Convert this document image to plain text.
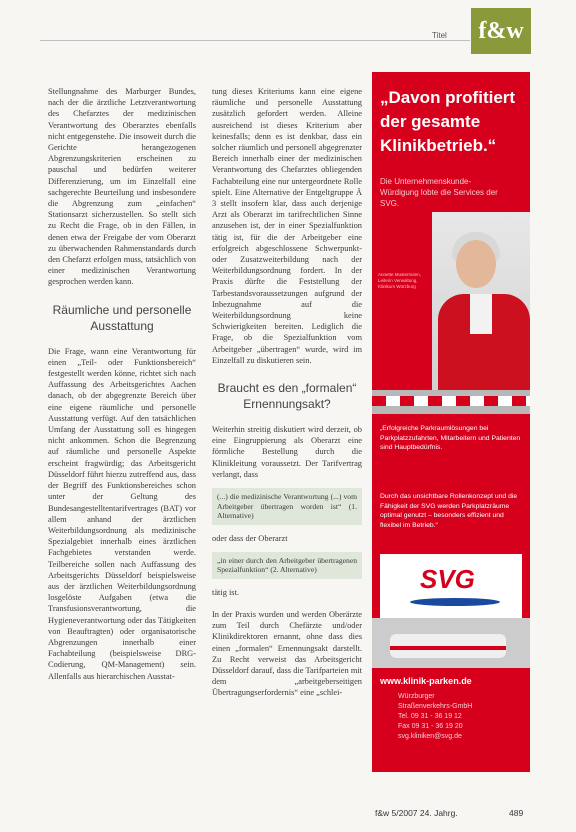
Titel	f&w

Stellungnahme des Marburger Bundes, nach der die ärztliche Letztverantwortung des Chefarztes der medizinischen Verantwortung des Oberarztes ebenfalls nicht entgegenstehe. Die insoweit durch die Gerichte herangezogenen Abgrenzungskriterien erscheinen zu pauschal und bedürfen weiterer Differenzierung, um im Einzelfall eine sachgerechte Beurteilung und insbesondere die Abgrenzung zum „einfachen“ Stationsarzt sicherzustellen. So stellt sich zu Recht die Frage, ob in den Fällen, in denen etwa der Freigabe der vom Oberarzt zu überwachenden Rahmenstandards durch den Chefarzt erfolgen muss, tatsächlich von einer medizinischen Verantwortung gesprochen werden kann.

Räumliche und personelle Ausstattung

Die Frage, wann eine Verantwortung für einen „Teil- oder Funktionsbereich“ festgestellt werden könne, richtet sich nach Auffassung des Arbeitsgerichtes Aachen danach, ob der abgegrenzte Bereich über eine eigene räumliche und personelle Ausstattung verfügt. Auf den tatsächlichen Umfang der Ausstattung soll es hingegen nicht ankommen. Schon die Begrenzung auf räumliche und personelle Aspekte erscheint fragwürdig; das Arbeitsgericht Düsseldorf führt hierzu zutreffend aus, dass der Begriff des Funktionsbereiches schon unter der Geltung des Bundesangestelltentarifvertrages (BAT) vor allem anhand der ärztlichen Weiterbildungsordnung als medizinische Spezialgebiet innerhalb eines ärztlichen Fachgebietes verstanden werde. Teilbereiche sollen nach Auffassung des Arbeitsgerichts Düsseldorf beispielsweise aus der ärztlichen Weiterbildungsordnung losgelöste Aufgaben (etwa die Transfusionsverantwortung, die Hygieneverantwortung oder das Tätigkeiten von Beauftragten) oder organisatorische Abgrenzungen innerhalb einer Fachabteilung (beispielsweise DRG-Codierung, QM-Management) sein. Allenfalls aus hierarchischen Ausstat-

tung dieses Kriteriums kann eine eigene räumliche und personelle Ausstattung zusätzlich gefordert werden. Alleine ausreichend ist dieses Kriterium aber keinesfalls; denn es ist denkbar, dass ein solcher räumlich und personell abgegrenzter Bereich innerhalb einer der medizinischen Verantwortung des Chefarztes obliegenden Fachabteilung eine nur untergeordnete Rolle spielt. Eine Alternative der Entgeltgruppe Ä 3 stellt insofern klar, dass auch derjenige Arzt als Oberarzt im tarifrechtlichen Sinne anzusehen ist, der in einer Spezialfunktion tätig ist, für die der Arbeitgeber eine erfolgreich abgeschlossene Schwerpunkt- oder Zusatzweiterbildung nach der Weiterbildungsordnung fordert. In der Praxis dürfte die Feststellung der Tarbestandsvoraussetzungen aufgrund der Inbezugnahme auf die Weiterbildungsordnung keine Schwierigkeiten bereiten. Lediglich die Frage, ob die Spezialfunktion vom Arbeitgeber „übertragen“ wurde, wird im Einzelfall zu diskutieren sein.

Braucht es den „formalen“ Ernennungsakt?

Weiterhin streitig diskutiert wird derzeit, ob eine Eingruppierung als Oberarzt eine förmliche Bestellung durch die Klinikleitung voraussetzt. Der Tarifvertrag verlangt, dass

(...) die medizinische Verantwortung (...) vom Arbeitgeber übertragen worden ist“ (1. Alternative)

oder dass der Oberarzt

„in einer durch den Arbeitgeber übertragenen Spezialfunktion“ (2. Alternative)

tätig ist.

In der Praxis wurden und werden Oberärzte zum Teil durch Chefärzte und/oder Klinikdirektoren ernannt, ohne dass dies einen „formalen“ Ernennungsakt darstellt. Zu Recht verweist das Arbeitsgericht Düsseldorf darauf, dass die Tarifparteien mit dem „arbeitgeberseitigen Übertragungserfordernis“ eine „schlei-

„Davon profitiert der gesamte Klinikbetrieb.“
Die Unternehmenskunde-Würdigung lobte die Services der SVG.
Annette Mustermann, Leiterin Verwaltung, Klinikum Würzburg
„Erfolgreiche Parkraumlösungen bei Parkplatzzufahrten, Mitarbeitern und Patienten sind Hauptbedürfnis.
Durch das unsichtbare Rollenkonzept und die Fähigkeit der SVG werden Parkplatzräume optimal genutzt – besonders effizient und flexibel im Betrieb.“
SVG
www.klinik-parken.de
Würzburger
Straßenverkehrs-GmbH
Tel. 09 31 - 36 19 12
Fax 09 31 - 36 19 20
svg.kliniken@svg.de
f&w 5/2007 24. Jahrg.	489
